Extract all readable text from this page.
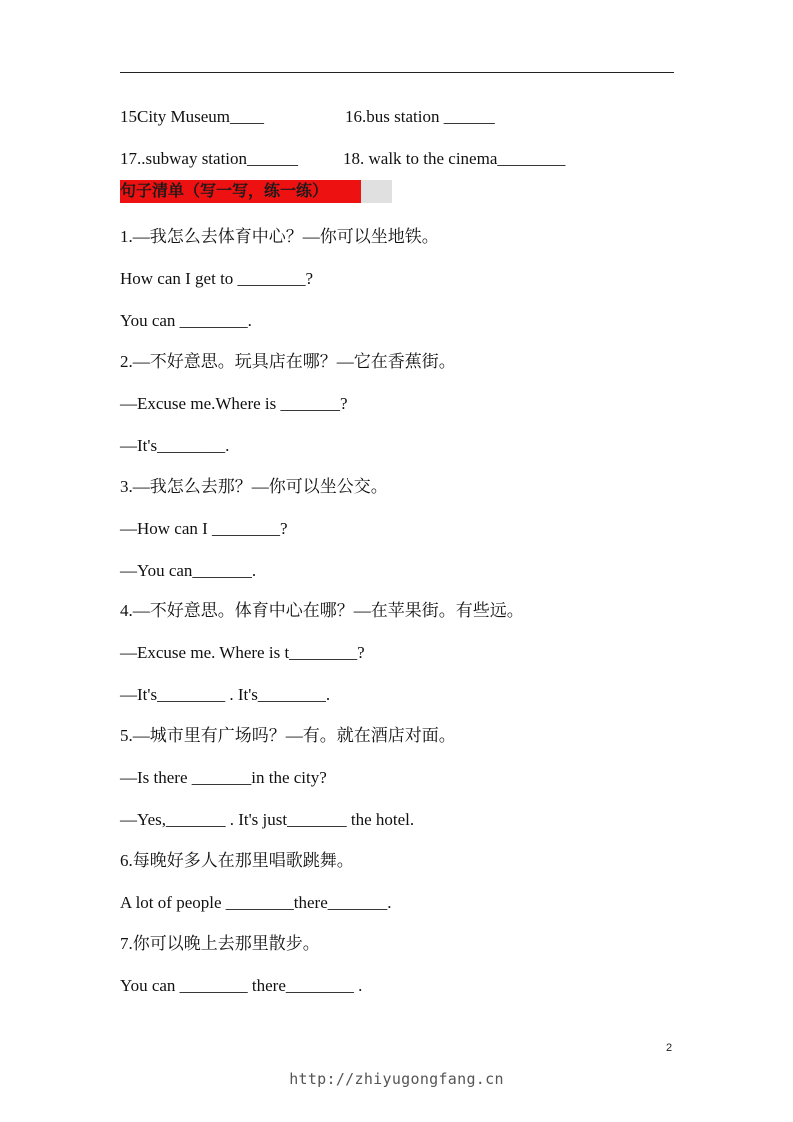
15City Museum____	16.bus station ______
17..subway station______	18. walk to the cinema________
句子清单（写一写，练一练）
1.—我怎么去体育中心？—你可以坐地铁。
How can I get to ________?
You can ________.
2.—不好意思。玩具店在哪？—它在香蕉街。
—Excuse me.Where is _______?
—It's________.
3.—我怎么去那？—你可以坐公交。
—How can I ________?
—You can_______.
4.—不好意思。体育中心在哪？—在苹果街。有些远。
—Excuse me. Where is t________?
—It's________ . It's________.
5.—城市里有广场吗？—有。就在酒店对面。
—Is there _______in the city?
—Yes,_______ . It's just_______ the hotel.
6.每晚好多人在那里唱歌跳舞。
A lot of people ________there_______.
7.你可以晚上去那里散步。
You can ________ there________ .
2
http://zhiyugongfang.cn
